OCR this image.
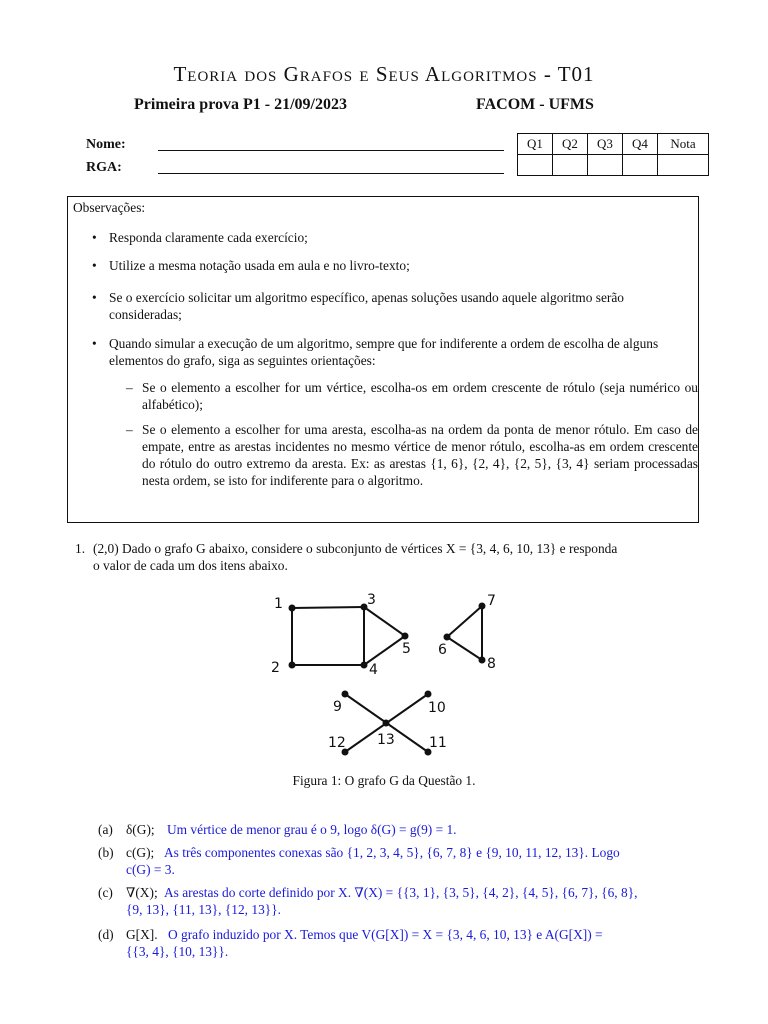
Teoria dos Grafos e Seus Algoritmos - T01
Primeira prova P1 - 21/09/2023	FACOM - UFMS
Nome:
RGA:
Q1	Q2	Q3	Q4	Nota

Observações:
• Responda claramente cada exercício;
• Utilize a mesma notação usada em aula e no livro-texto;
• Se o exercício solicitar um algoritmo específico, apenas soluções usando aquele algoritmo serão consideradas;
• Quando simular a execução de um algoritmo, sempre que for indiferente a ordem de escolha de alguns elementos do grafo, siga as seguintes orientações:
– Se o elemento a escolher for um vértice, escolha-os em ordem crescente de rótulo (seja numérico ou alfabético);
– Se o elemento a escolher for uma aresta, escolha-as na ordem da ponta de menor rótulo. Em caso de empate, entre as arestas incidentes no mesmo vértice de menor rótulo, escolha-as em ordem crescente do rótulo do outro extremo da aresta. Ex: as arestas {1, 6}, {2, 4}, {2, 5}, {3, 4} seriam processadas nesta ordem, se isto for indiferente para o algoritmo.
1. (2,0) Dado o grafo G abaixo, considere o subconjunto de vértices X = {3, 4, 6, 10, 13} e responda
o valor de cada um dos itens abaixo.
1
2
3
4
5 6
7
8
9	10
11
12 13
Figura 1: O grafo G da Questão 1.
(a) δ(G); Um vértice de menor grau é o 9, logo δ(G) = g(9) = 1.
(b) c(G); As três componentes conexas são {1, 2, 3, 4, 5}, {6, 7, 8} e {9, 10, 11, 12, 13}. Logo
c(G) = 3.
(c) ∇(X); As arestas do corte definido por X. ∇(X) = {{3, 1}, {3, 5}, {4, 2}, {4, 5}, {6, 7}, {6, 8},
{9, 13}, {11, 13}, {12, 13}}.
(d) G[X]. O grafo induzido por X. Temos que V(G[X]) = X = {3, 4, 6, 10, 13} e A(G[X]) =
{{3, 4}, {10, 13}}.
